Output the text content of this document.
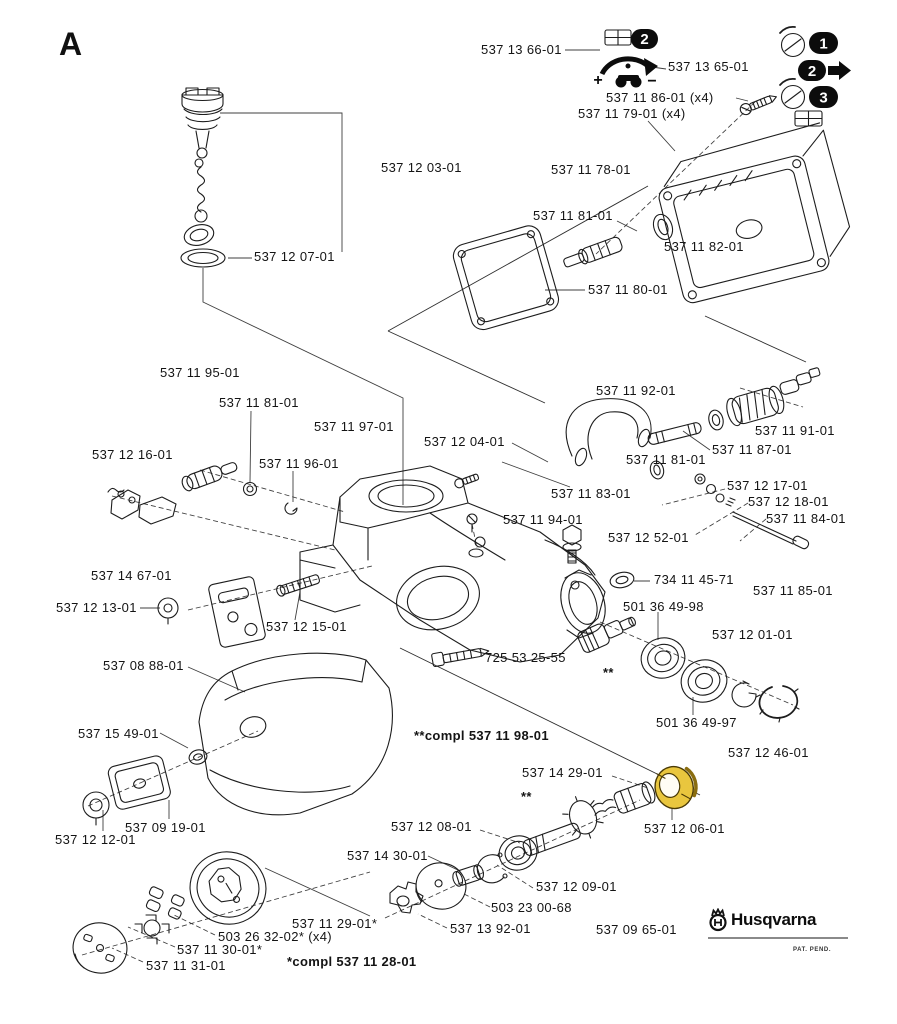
2
+	−
1
2
3
A	537 13 66-01
537 13 65-01
537 11 86-01 (x4)
537 11 79-01 (x4)
537 12 03-01	537 11 78-01
537 11 81-01
537 11 82-01
537 12 07-01
537 11 80-01
537 11 95-01
537 11 92-01
537 11 81-01
537 11 97-01	537 11 91-01
537 12 04-01
537 11 87-01
537 12 16-01	537 11 81-01
537 11 96-01
537 12 17-01
537 11 83-01
537 12 18-01
537 11 84-01
537 11 94-01
537 12 52-01
537 14 67-01	734 11 45-71
537 11 85-01
501 36 49-98
537 12 13-01
537 12 15-01
537 12 01-01
725 53 25-55
537 08 88-01	**
501 36 49-97
537 15 49-01	**compl 537 11 98-01
537 12 46-01
537 14 29-01
**
537 12 08-01
537 09 19-01	537 12 06-01
537 12 12-01
537 14 30-01
537 12 09-01
503 23 00-68
537 11 29-01*	537 13 92-01	537 09 65-01
503 26 32-02* (x4)
537 11 30-01*
*compl 537 11 28-01
537 11 31-01
Husqvarna
PAT. PEND.
